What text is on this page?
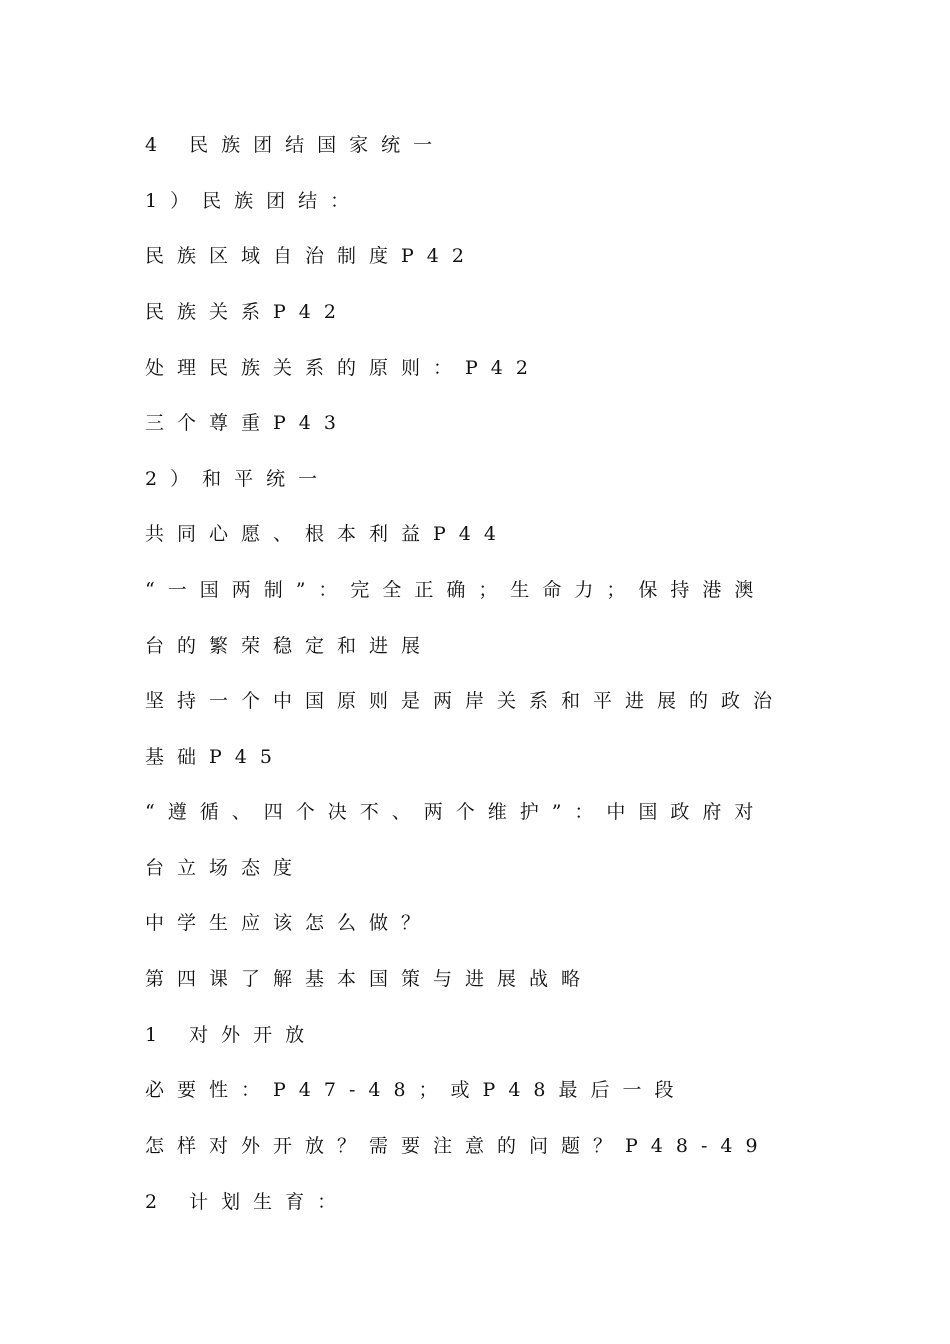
4 民族团结国家统一
1）民族团结：
民族区域自治制度P42
民族关系P42
处理民族关系的原则：P42
三个尊重P43
2）和平统一
共同心愿、根本利益P44
“一国两制”：完全正确；生命力；保持港澳
台的繁荣稳定和进展
坚持一个中国原则是两岸关系和平进展的政治
基础P45
“遵循、四个决不、两个维护”：中国政府对
台立场态度
中学生应该怎么做？
第四课了解基本国策与进展战略
1 对外开放
必要性：P47-48；或P48最后一段
怎样对外开放？需要注意的问题？P48-49
2 计划生育：
